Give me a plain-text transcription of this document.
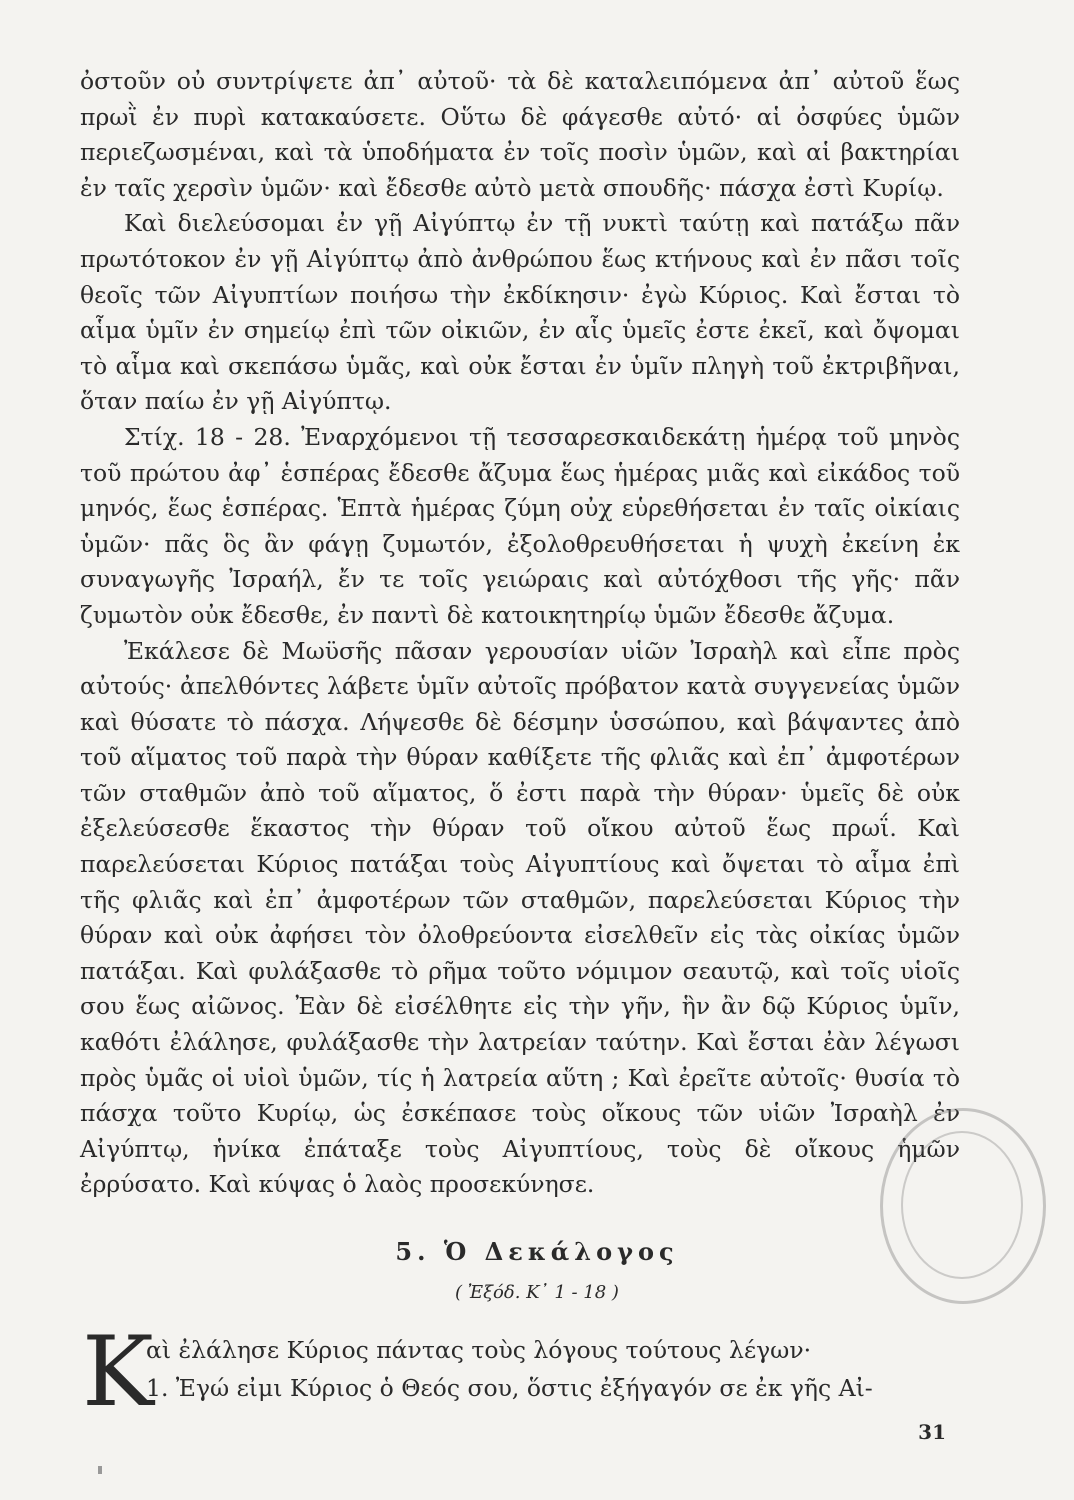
ὀστοῦν οὐ συντρίψετε ἀπ᾽ αὐτοῦ· τὰ δὲ καταλειπόμενα ἀπ᾽ αὐτοῦ ἕως πρωῒ ἐν πυρὶ κατακαύσετε. Οὕτω δὲ φάγεσθε αὐτό· αἱ ὀσφύες ὑμῶν περιεζωσμέναι, καὶ τὰ ὑποδήματα ἐν τοῖς ποσὶν ὑμῶν, καὶ αἱ βακτηρίαι ἐν ταῖς χερσὶν ὑμῶν· καὶ ἔδεσθε αὐτὸ μετὰ σπουδῆς· πάσχα ἐστὶ Κυρίῳ.

Καὶ διελεύσομαι ἐν γῇ Αἰγύπτῳ ἐν τῇ νυκτὶ ταύτῃ καὶ πατάξω πᾶν πρωτότοκον ἐν γῇ Αἰγύπτῳ ἀπὸ ἀνθρώπου ἕως κτήνους καὶ ἐν πᾶσι τοῖς θεοῖς τῶν Αἰγυπτίων ποιήσω τὴν ἐκδίκησιν· ἐγὼ Κύριος. Καὶ ἔσται τὸ αἷμα ὑμῖν ἐν σημείῳ ἐπὶ τῶν οἰκιῶν, ἐν αἷς ὑμεῖς ἐστε ἐκεῖ, καὶ ὄψομαι τὸ αἷμα καὶ σκεπάσω ὑμᾶς, καὶ οὐκ ἔσται ἐν ὑμῖν πληγὴ τοῦ ἐκτριβῆναι, ὅταν παίω ἐν γῇ Αἰγύπτῳ.

Στίχ. 18 - 28. Ἐναρχόμενοι τῇ τεσσαρεσκαιδεκάτῃ ἡμέρᾳ τοῦ μηνὸς τοῦ πρώτου ἀφ᾽ ἑσπέρας ἔδεσθε ἄζυμα ἕως ἡμέρας μιᾶς καὶ εἰκάδος τοῦ μηνός, ἕως ἑσπέρας. Ἑπτὰ ἡμέρας ζύμη οὐχ εὑρεθήσεται ἐν ταῖς οἰκίαις ὑμῶν· πᾶς ὃς ἂν φάγῃ ζυμωτόν, ἐξολοθρευθήσεται ἡ ψυχὴ ἐκείνη ἐκ συναγωγῆς Ἰσραήλ, ἔν τε τοῖς γειώραις καὶ αὐτόχθοσι τῆς γῆς· πᾶν ζυμωτὸν οὐκ ἔδεσθε, ἐν παντὶ δὲ κατοικητηρίῳ ὑμῶν ἔδεσθε ἄζυμα.

Ἐκάλεσε δὲ Μωϋσῆς πᾶσαν γερουσίαν υἱῶν Ἰσραὴλ καὶ εἶπε πρὸς αὐτούς· ἀπελθόντες λάβετε ὑμῖν αὐτοῖς πρόβατον κατὰ συγγενείας ὑμῶν καὶ θύσατε τὸ πάσχα. Λήψεσθε δὲ δέσμην ὑσσώπου, καὶ βάψαντες ἀπὸ τοῦ αἵματος τοῦ παρὰ τὴν θύραν καθίξετε τῆς φλιᾶς καὶ ἐπ᾽ ἀμφοτέρων τῶν σταθμῶν ἀπὸ τοῦ αἵματος, ὅ ἐστι παρὰ τὴν θύραν· ὑμεῖς δὲ οὐκ ἐξελεύσεσθε ἕκαστος τὴν θύραν τοῦ οἴκου αὐτοῦ ἕως πρωΐ. Καὶ παρελεύσεται Κύριος πατάξαι τοὺς Αἰγυπτίους καὶ ὄψεται τὸ αἷμα ἐπὶ τῆς φλιᾶς καὶ ἐπ᾽ ἀμφοτέρων τῶν σταθμῶν, παρελεύσεται Κύριος τὴν θύραν καὶ οὐκ ἀφήσει τὸν ὀλοθρεύοντα εἰσελθεῖν εἰς τὰς οἰκίας ὑμῶν πατάξαι. Καὶ φυλάξασθε τὸ ρῆμα τοῦτο νόμιμον σεαυτῷ, καὶ τοῖς υἱοῖς σου ἕως αἰῶνος. Ἐὰν δὲ εἰσέλθητε εἰς τὴν γῆν, ἣν ἂν δῷ Κύριος ὑμῖν, καθότι ἐλάλησε, φυλάξασθε τὴν λατρείαν ταύτην. Καὶ ἔσται ἐὰν λέγωσι πρὸς ὑμᾶς οἱ υἱοὶ ὑμῶν, τίς ἡ λατρεία αὕτη ; Καὶ ἐρεῖτε αὐτοῖς· θυσία τὸ πάσχα τοῦτο Κυρίῳ, ὡς ἐσκέπασε τοὺς οἴκους τῶν υἱῶν Ἰσραὴλ ἐν Αἰγύπτῳ, ἡνίκα ἐπάταξε τοὺς Αἰγυπτίους, τοὺς δὲ οἴκους ἡμῶν ἐρρύσατο. Καὶ κύψας ὁ λαὸς προσεκύνησε.

5. Ὁ Δεκάλογος
( Ἐξόδ. Κ᾽ 1 - 18 )
Κ
αὶ ἐλάλησε Κύριος πάντας τοὺς λόγους τούτους λέγων·
1. Ἐγώ εἰμι Κύριος ὁ Θεός σου, ὅστις ἐξήγαγόν σε ἐκ γῆς Αἰ-
31
